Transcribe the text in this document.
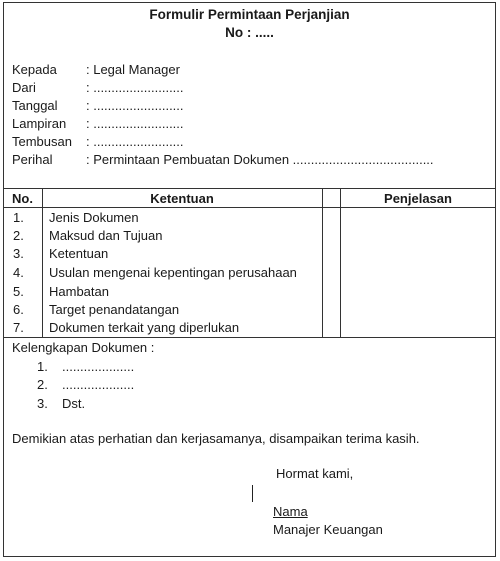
Formulir Permintaan Perjanjian
No : .....
Kepada : Legal Manager
Dari	: .........................
Tanggal : .........................
Lampiran : .........................
Tembusan : .........................
Perihal	: Permintaan Pembuatan Dokumen .......................................
No.	Ketentuan	Penjelasan
1. Jenis Dokumen
2. Maksud dan Tujuan
3. Ketentuan
4. Usulan mengenai kepentingan perusahaan
5. Hambatan
6. Target penandatangan
7. Dokumen terkait yang diperlukan
Kelengkapan Dokumen :
1. ....................
2. ....................
3. Dst.
Demikian atas perhatian dan kerjasamanya, disampaikan terima kasih.
Hormat kami,
Nama
Manajer Keuangan
